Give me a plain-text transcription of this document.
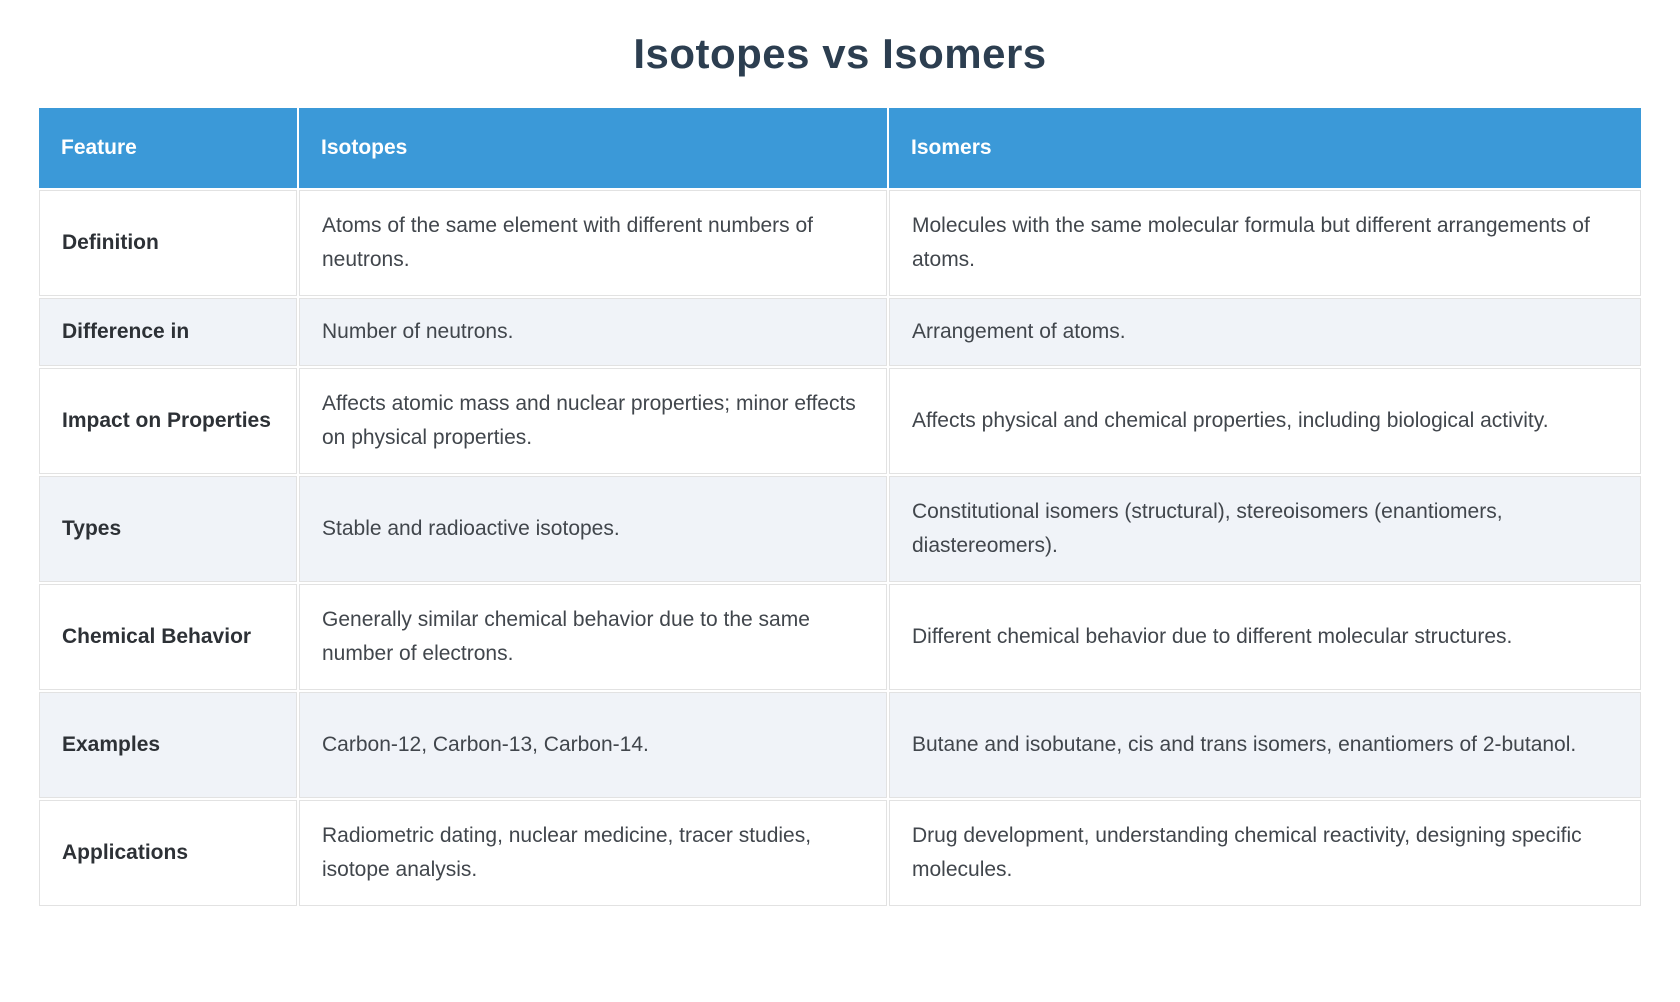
Isotopes vs Isomers
Feature	Isotopes	Isomers
Definition	Atoms of the same element with different numbers of neutrons.	Molecules with the same molecular formula but different arrangements of atoms.
Difference in	Number of neutrons.	Arrangement of atoms.
Impact on Properties	Affects atomic mass and nuclear properties; minor effects on physical properties.	Affects physical and chemical properties, including biological activity.
Types	Stable and radioactive isotopes.	Constitutional isomers (structural), stereoisomers (enantiomers, diastereomers).
Chemical Behavior	Generally similar chemical behavior due to the same number of electrons.	Different chemical behavior due to different molecular structures.
Examples	Carbon-12, Carbon-13, Carbon-14.	Butane and isobutane, cis and trans isomers, enantiomers of 2-butanol.
Applications	Radiometric dating, nuclear medicine, tracer studies, isotope analysis.	Drug development, understanding chemical reactivity, designing specific molecules.
